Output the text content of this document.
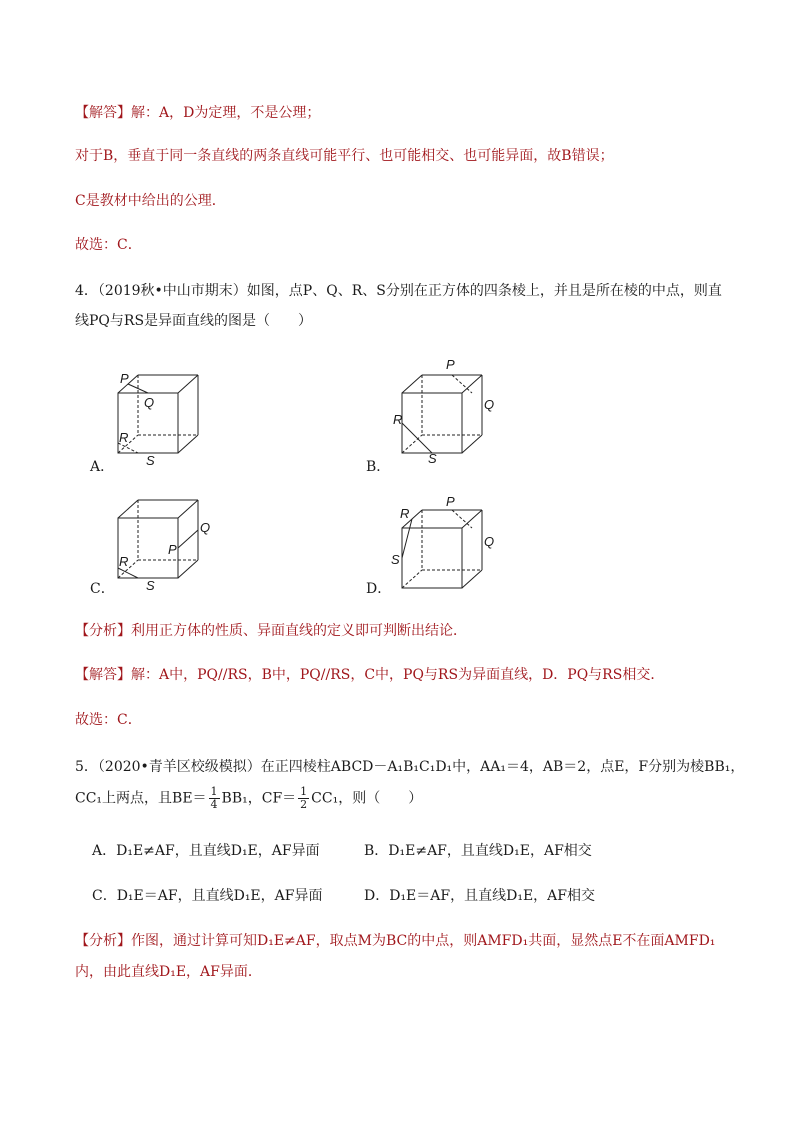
【解答】解：A，D为定理，不是公理；
对于B，垂直于同一条直线的两条直线可能平行、也可能相交、也可能异面，故B错误；
C是教材中给出的公理．
故选：C．
4．（2019秋•中山市期末）如图，点P、Q、R、S分别在正方体的四条棱上，并且是所在棱的中点，则直
线PQ与RS是异面直线的图是（　　）
P
Q
R
S
A．
P
Q
R
S
B．
Q
P
R
S
C．
R
P
Q
S
D．
【分析】利用正方体的性质、异面直线的定义即可判断出结论．
【解答】解：A中，PQ//RS，B中，PQ//RS，C中，PQ与RS为异面直线，D．PQ与RS相交．
故选：C．
5．（2020•青羊区校级模拟）在正四棱柱ABCD－A₁B₁C₁D₁中，AA₁＝4，AB＝2，点E，F分别为棱BB₁，
CC₁上两点，且$BE= \frac{1}{4} BB_1$，$CF= \frac{1}{2} CC_1$，则（　　）
A．D₁E≠AF，且直线D₁E，AF异面	B．D₁E≠AF，且直线D₁E，AF相交
C．D₁E＝AF，且直线D₁E，AF异面	D．D₁E＝AF，且直线D₁E，AF相交
【分析】作图，通过计算可知D₁E≠AF，取点M为BC的中点，则AMFD₁共面，显然点E不在面AMFD₁
内，由此直线D₁E，AF异面．
